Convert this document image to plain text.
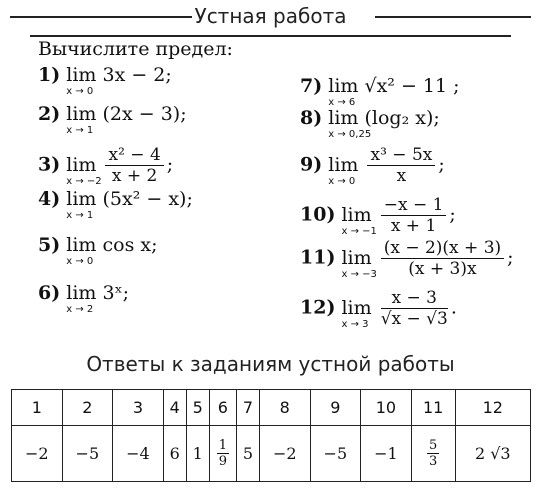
Устная работа
Вычислите предел:
1) lim
x → 0
3x − 2;
2) lim
x → 1
(2x − 3);
3) lim
x → −2
$\frac{\text{x² − 4}}{x + 2}$ ;
4) lim
x → 1
(5x² − x);
5) lim
x → 0
cos x;
6) lim
x → 2
3ˣ;
7) lim
x → 6
√x² − 11 ;
8) lim
x → 0,25
(log₂ x);
9) lim
x → 0
$\frac{\text{x³ − 5x}}{x}$ ;
10) lim
x → −1
$\frac{-x - 1}{x + 1}$ ;
11) lim
x → −3
$\frac{(x - 2)(x + 3)}{(x + 3)x}$ ;
12) lim
x → 3
$\frac{x - 3}{√x - √3}$ .
Ответы к заданиям устной работы
1	2	3	4	5	6	7	8	9	10	11	12
−2	−5	−4	6	1	$\frac{1}{9}$	5	−2	−5	−1	$\frac{5}{3}$	2 √3
